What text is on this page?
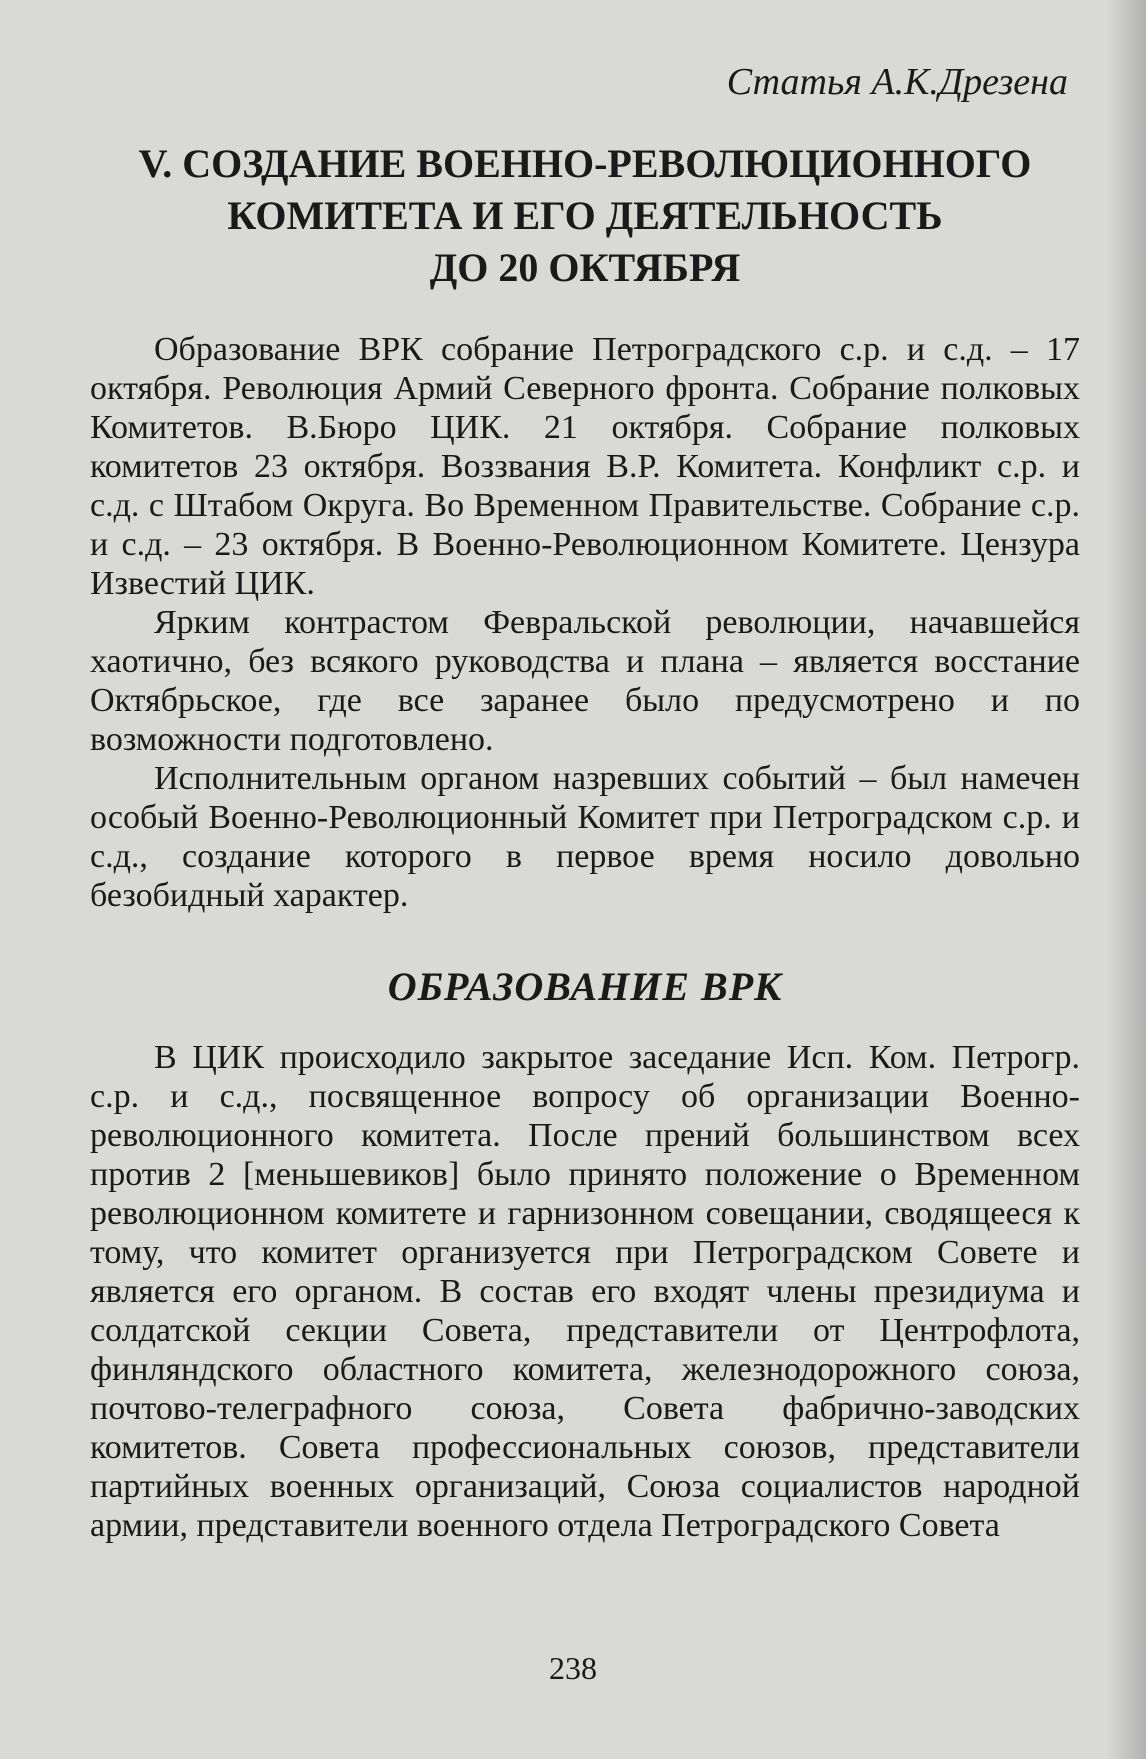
Статья А.К.Дрезена

V. СОЗДАНИЕ ВОЕННО-РЕВОЛЮЦИОННОГО
КОМИТЕТА И ЕГО ДЕЯТЕЛЬНОСТЬ
ДО 20 ОКТЯБРЯ

Образование ВРК собрание Петроградского с.р. и с.д. – 17 октября. Революция Армий Северного фронта. Собрание полковых Комитетов. В.Бюро ЦИК. 21 октября. Собрание полковых комитетов 23 октября. Воззвания В.Р. Комитета. Конфликт с.р. и с.д. с Штабом Округа. Во Временном Правительстве. Собрание с.р. и с.д. – 23 октября. В Военно-Революционном Комитете. Цензура Известий ЦИК.

Ярким контрастом Февральской революции, начавшейся хаотично, без всякого руководства и плана – является восстание Октябрьское, где все заранее было предусмотрено и по возможности подготовлено.

Исполнительным органом назревших событий – был намечен особый Военно-Революционный Комитет при Петроградском с.р. и с.д., создание которого в первое время носило довольно безобидный характер.

ОБРАЗОВАНИЕ ВРК

В ЦИК происходило закрытое заседание Исп. Ком. Петрогр. с.р. и с.д., посвященное вопросу об организации Военно-революционного комитета. После прений большинством всех против 2 [меньшевиков] было принято положение о Временном революционном комитете и гарнизонном совещании, сводящееся к тому, что комитет организуется при Петроградском Совете и является его органом. В состав его входят члены президиума и солдатской секции Совета, представители от Центрофлота, финляндского областного комитета, железнодорожного союза, почтово-телеграфного союза, Совета фабрично-заводских комитетов. Совета профессиональных союзов, представители партийных военных организаций, Союза социалистов народной армии, представители военного отдела Петроградского Совета

238
